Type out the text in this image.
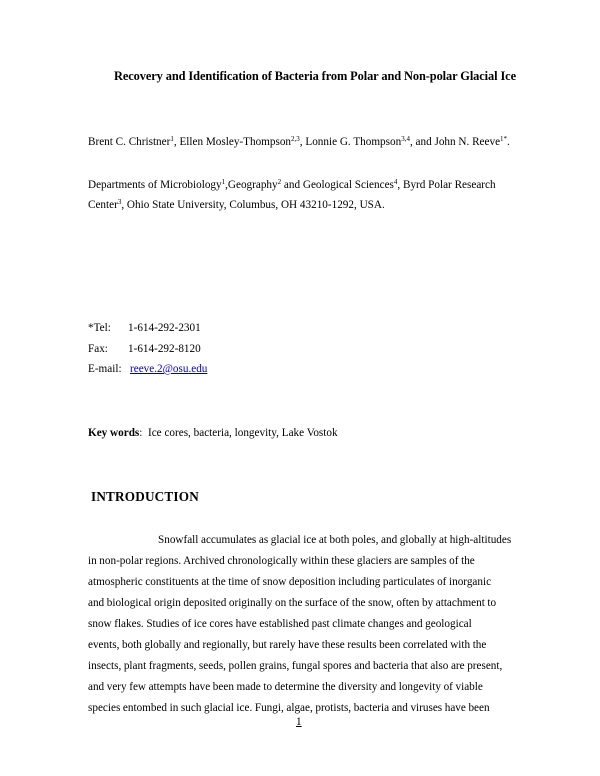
Recovery and Identification of Bacteria from Polar and Non-polar Glacial Ice
Brent C. Christner$^1$, Ellen Mosley-Thompson$^{2,3}$, Lonnie G. Thompson$^{3,4}$, and John N. Reeve$^{1*}$.
Departments of Microbiology$^1$,Geography$^2$ and Geological Sciences$^4$, Byrd Polar Research
Center$^3$, Ohio State University, Columbus, OH 43210-1292, USA.
*Tel: 1-614-292-2301
Fax: 1-614-292-8120
E-mail: reeve.2@osu.edu
Key words: Ice cores, bacteria, longevity, Lake Vostok
INTRODUCTION
Snowfall accumulates as glacial ice at both poles, and globally at high-altitudes
in non-polar regions. Archived chronologically within these glaciers are samples of the
atmospheric constituents at the time of snow deposition including particulates of inorganic
and biological origin deposited originally on the surface of the snow, often by attachment to
snow flakes. Studies of ice cores have established past climate changes and geological
events, both globally and regionally, but rarely have these results been correlated with the
insects, plant fragments, seeds, pollen grains, fungal spores and bacteria that also are present,
and very few attempts have been made to determine the diversity and longevity of viable
species entombed in such glacial ice. Fungi, algae, protists, bacteria and viruses have been
1
